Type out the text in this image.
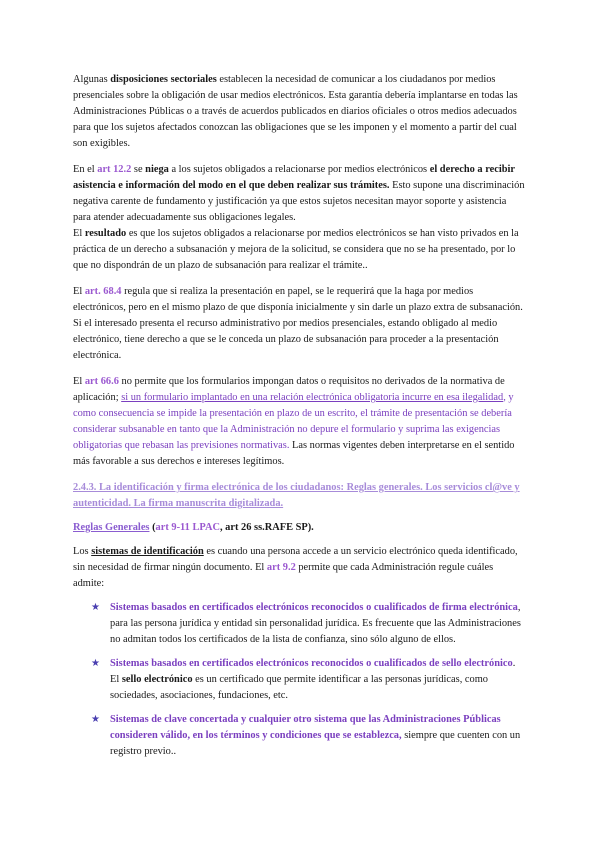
Algunas disposiciones sectoriales establecen la necesidad de comunicar a los ciudadanos por medios presenciales sobre la obligación de usar medios electrónicos. Esta garantía debería implantarse en todas las Administraciones Públicas o a través de acuerdos publicados en diarios oficiales o otros medios adecuados para que los sujetos afectados conozcan las obligaciones que se les imponen y el momento a partir del cual son exigibles.

En el art 12.2 se niega a los sujetos obligados a relacionarse por medios electrónicos el derecho a recibir asistencia e información del modo en el que deben realizar sus trámites. Esto supone una discriminación negativa carente de fundamento y justificación ya que estos sujetos necesitan mayor soporte y asistencia para atender adecuadamente sus obligaciones legales.

El resultado es que los sujetos obligados a relacionarse por medios electrónicos se han visto privados en la práctica de un derecho a subsanación y mejora de la solicitud, se considera que no se ha presentado, por lo que no dispondrán de un plazo de subsanación para realizar el trámite..

El art. 68.4 regula que si realiza la presentación en papel, se le requerirá que la haga por medios electrónicos, pero en el mismo plazo de que disponía inicialmente y sin darle un plazo extra de subsanación. Si el interesado presenta el recurso administrativo por medios presenciales, estando obligado al medio electrónico, tiene derecho a que se le conceda un plazo de subsanación para proceder a la presentación electrónica.

El art 66.6 no permite que los formularios impongan datos o requisitos no derivados de la normativa de aplicación; si un formulario implantado en una relación electrónica obligatoria incurre en esa ilegalidad, y como consecuencia se impide la presentación en plazo de un escrito, el trámite de presentación se debería considerar subsanable en tanto que la Administración no depure el formulario y suprima las exigencias obligatorias que rebasan las previsiones normativas. Las normas vigentes deben interpretarse en el sentido más favorable a sus derechos e intereses legítimos.

2.4.3. La identificación y firma electrónica de los ciudadanos: Reglas generales. Los servicios cl@ve y autenticidad. La firma manuscrita digitalizada.

Reglas Generales (art 9-11 LPAC, art 26 ss.RAFE SP).

Los sistemas de identificación es cuando una persona accede a un servicio electrónico queda identificado, sin necesidad de firmar ningún documento. El art 9.2 permite que cada Administración regule cuáles admite:

★ Sistemas basados en certificados electrónicos reconocidos o cualificados de firma electrónica, para las persona jurídica y entidad sin personalidad jurídica. Es frecuente que las Administraciones no admitan todos los certificados de la lista de confianza, sino sólo alguno de ellos.
★ Sistemas basados en certificados electrónicos reconocidos o cualificados de sello electrónico. El sello electrónico es un certificado que permite identificar a las personas jurídicas, como sociedades, asociaciones, fundaciones, etc.
★ Sistemas de clave concertada y cualquier otro sistema que las Administraciones Públicas consideren válido, en los términos y condiciones que se establezca, siempre que cuenten con un registro previo..
